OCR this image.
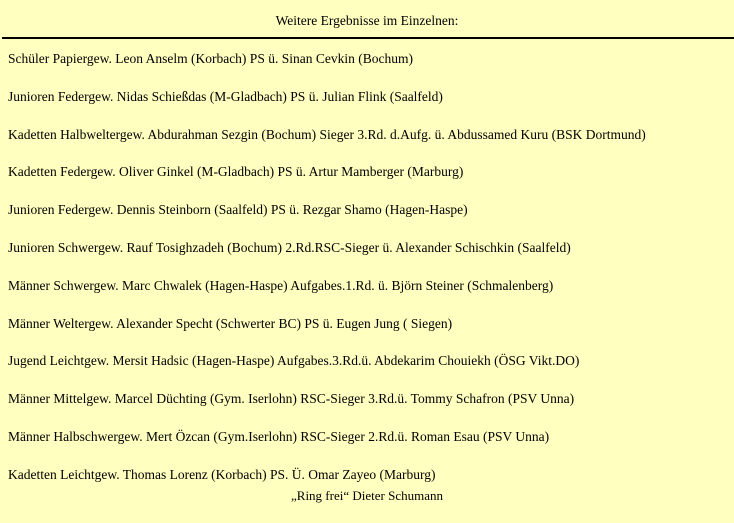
Weitere Ergebnisse im Einzelnen:
Schüler Papiergew. Leon Anselm (Korbach) PS ü. Sinan Cevkin (Bochum)
Junioren Federgew. Nidas Schießdas (M-Gladbach) PS ü. Julian Flink (Saalfeld)
Kadetten Halbweltergew. Abdurahman Sezgin (Bochum) Sieger 3.Rd. d.Aufg. ü. Abdussamed Kuru (BSK Dortmund)
Kadetten Federgew. Oliver Ginkel (M-Gladbach) PS ü. Artur Mamberger (Marburg)
Junioren Federgew. Dennis Steinborn (Saalfeld) PS ü. Rezgar Shamo (Hagen-Haspe)
Junioren Schwergew. Rauf Tosighzadeh (Bochum) 2.Rd.RSC-Sieger ü. Alexander Schischkin (Saalfeld)
Männer Schwergew. Marc Chwalek (Hagen-Haspe) Aufgabes.1.Rd. ü. Björn Steiner (Schmalenberg)
Männer Weltergew. Alexander Specht (Schwerter BC) PS ü. Eugen Jung ( Siegen)
Jugend Leichtgew. Mersit Hadsic (Hagen-Haspe) Aufgabes.3.Rd.ü. Abdekarim Chouiekh (ÖSG Vikt.DO)
Männer Mittelgew. Marcel Düchting (Gym. Iserlohn) RSC-Sieger 3.Rd.ü. Tommy Schafron (PSV Unna)
Männer Halbschwergew. Mert Özcan (Gym.Iserlohn) RSC-Sieger 2.Rd.ü. Roman Esau (PSV Unna)
Kadetten Leichtgew. Thomas Lorenz (Korbach) PS. Ü. Omar Zayeo (Marburg)
„Ring frei“ Dieter Schumann
